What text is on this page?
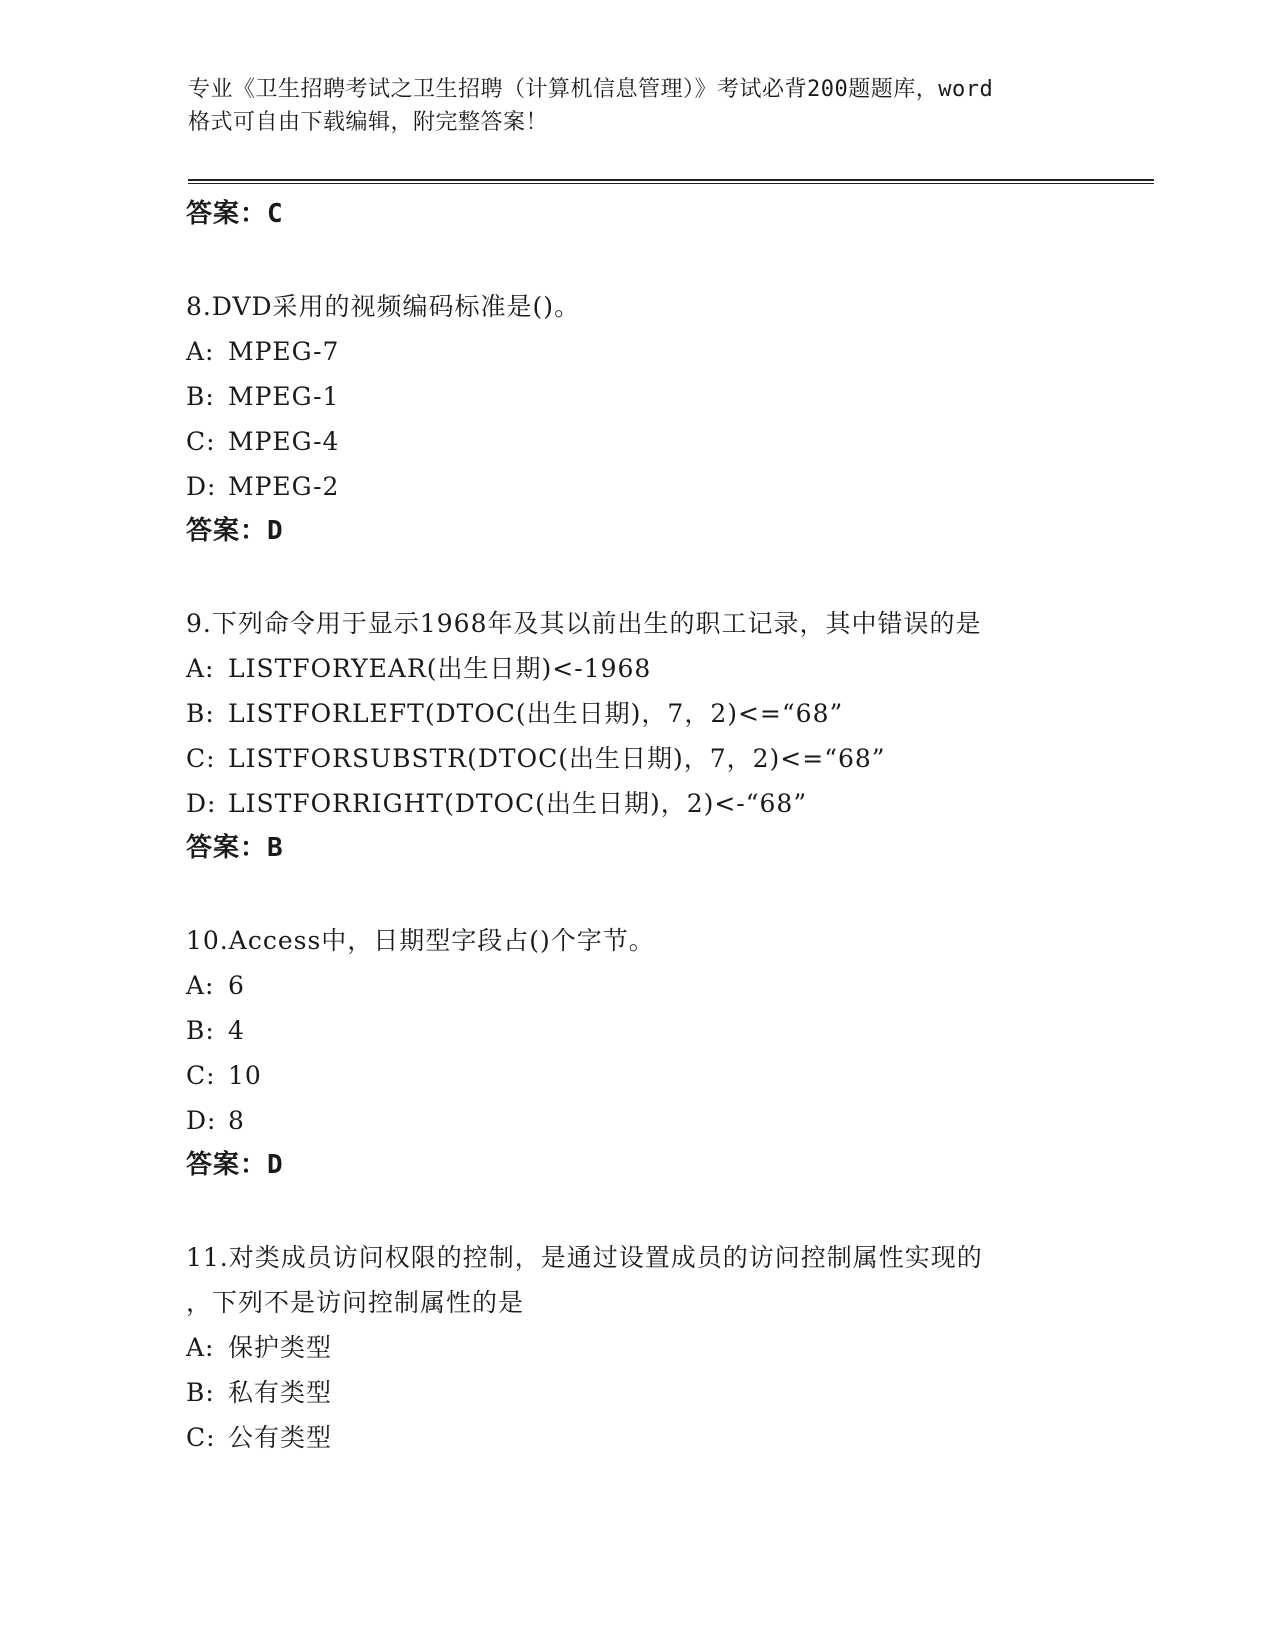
专业《卫生招聘考试之卫生招聘（计算机信息管理）》考试必背200题题库，word
格式可自由下载编辑，附完整答案！
答案：C
8.DVD采用的视频编码标准是()。
A: MPEG-7
B: MPEG-1
C: MPEG-4
D: MPEG-2
答案：D
9.下列命令用于显示1968年及其以前出生的职工记录，其中错误的是
A: LISTFORYEAR(出生日期)<-1968
B: LISTFORLEFT(DTOC(出生日期)，7，2)<=“68”
C: LISTFORSUBSTR(DTOC(出生日期)，7，2)<=“68”
D: LISTFORRIGHT(DTOC(出生日期)，2)<-“68”
答案：B
10.Access中，日期型字段占()个字节。
A: 6
B: 4
C: 10
D: 8
答案：D
11.对类成员访问权限的控制，是通过设置成员的访问控制属性实现的
，下列不是访问控制属性的是
A: 保护类型
B: 私有类型
C: 公有类型
